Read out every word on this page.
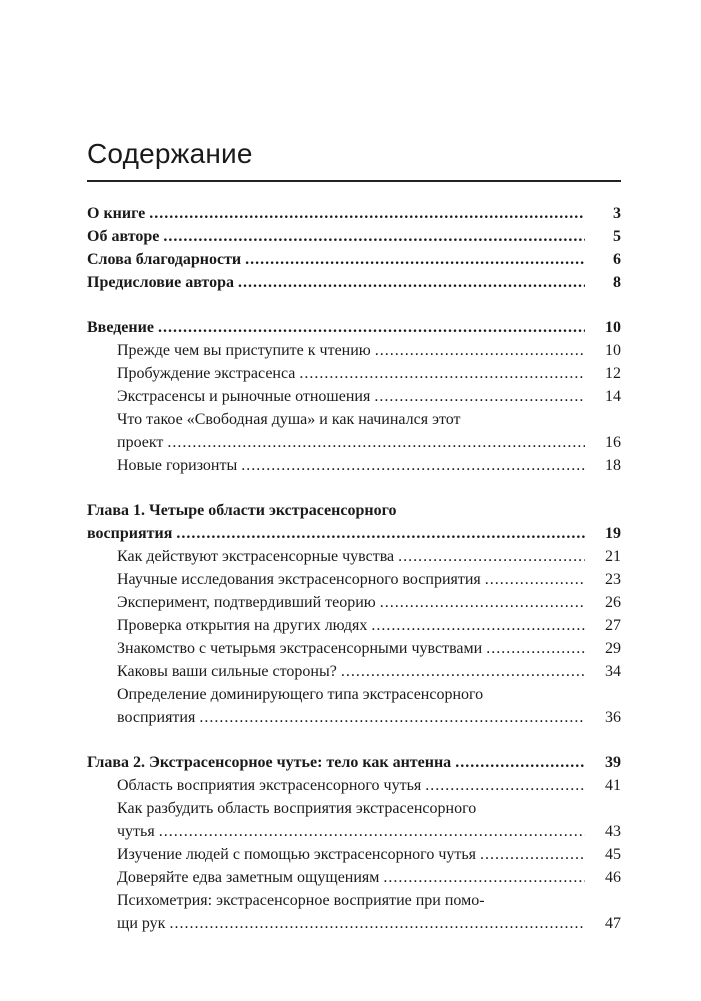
Содержание
О книге .....	3
Об авторе .....	5
Слова благодарности .....	6
Предисловие автора .....	8
Введение .....	10
Прежде чем вы приступите к чтению .....	10
Пробуждение экстрасенса .....	12
Экстрасенсы и рыночные отношения .....	14
Что такое «Свободная душа» и как начинался этот
проект .....	16
Новые горизонты .....	18
Глава 1. Четыре области экстрасенсорного
восприятия .....	19
Как действуют экстрасенсорные чувства .....	21
Научные исследования экстрасенсорного восприятия .....	23
Эксперимент, подтвердивший теорию .....	26
Проверка открытия на других людях .....	27
Знакомство с четырьмя экстрасенсорными чувствами .....	29
Каковы ваши сильные стороны? .....	34
Определение доминирующего типа экстрасенсорного
восприятия .....	36
Глава 2. Экстрасенсорное чутье: тело как антенна .....	39
Область восприятия экстрасенсорного чутья .....	41
Как разбудить область восприятия экстрасенсорного
чутья .....	43
Изучение людей с помощью экстрасенсорного чутья .....	45
Доверяйте едва заметным ощущениям .....	46
Психометрия: экстрасенсорное восприятие при помо-
щи рук .....	47
